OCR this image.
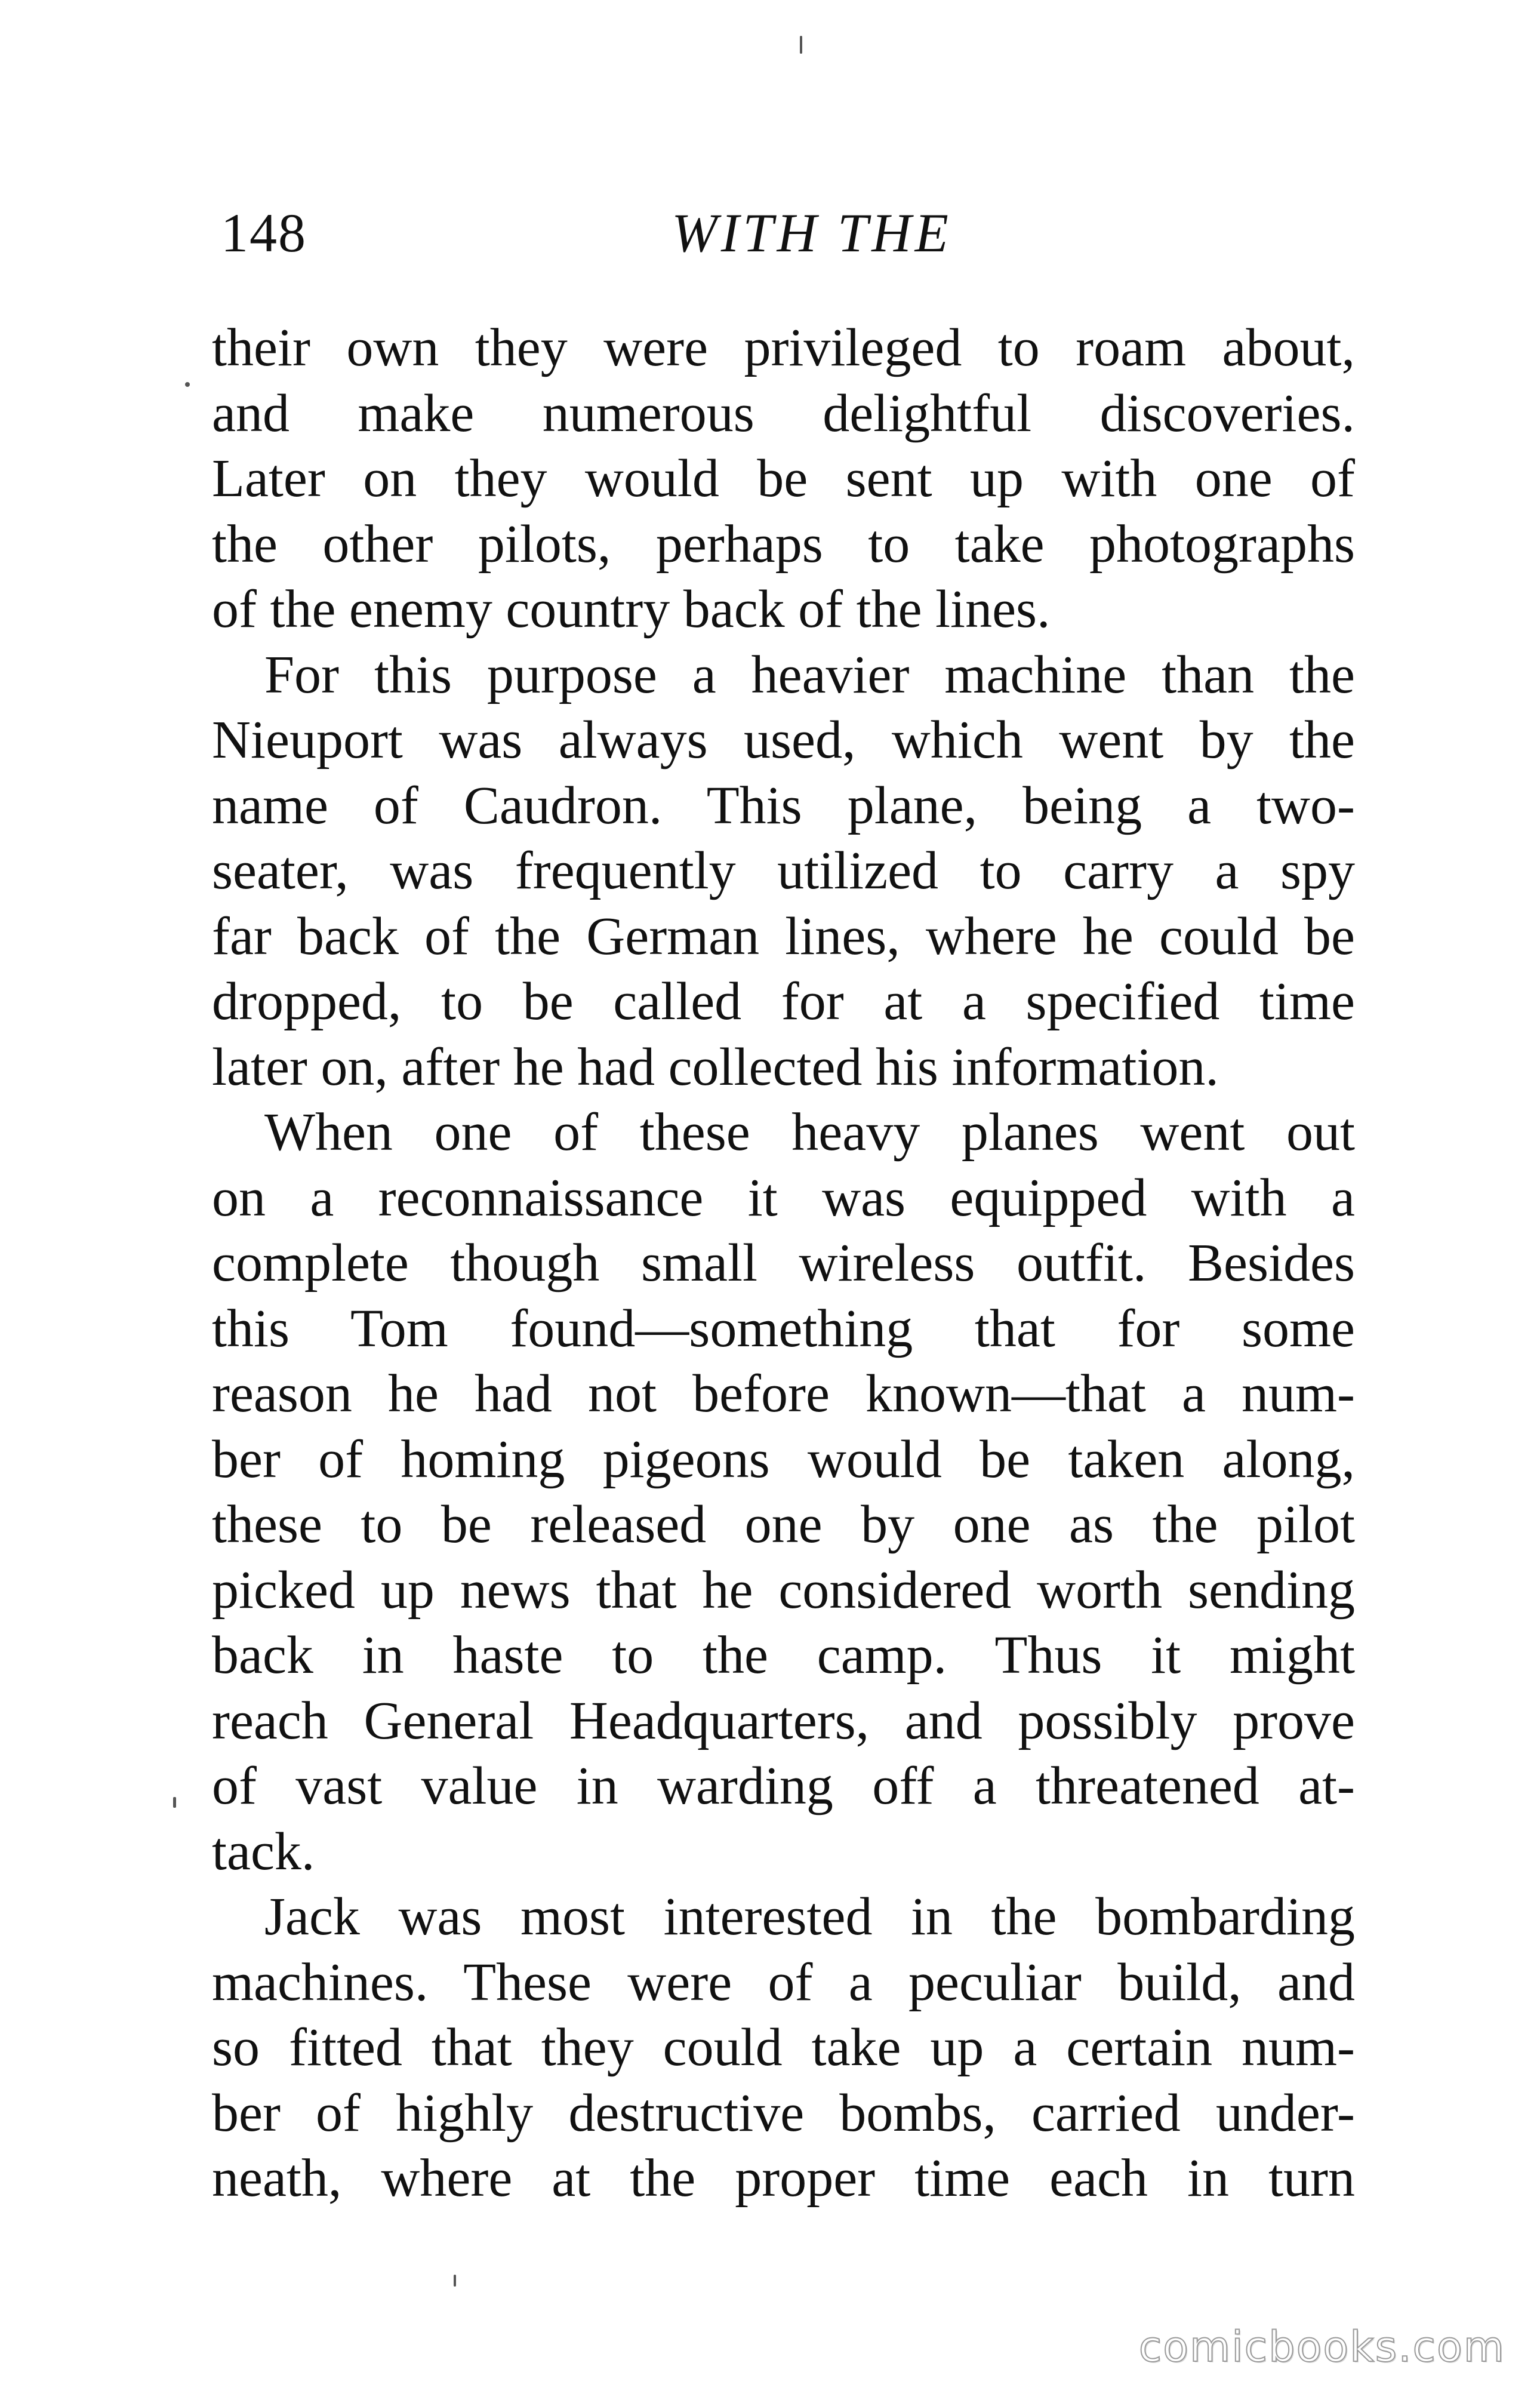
148	WITH THE
their own they were privileged to roam about,
and make numerous delightful discoveries.
Later on they would be sent up with one of
the other pilots, perhaps to take photographs
of the enemy country back of the lines.
For this purpose a heavier machine than the
Nieuport was always used, which went by the
name of Caudron. This plane, being a two-
seater, was frequently utilized to carry a spy
far back of the German lines, where he could be
dropped, to be called for at a specified time
later on, after he had collected his information.
When one of these heavy planes went out
on a reconnaissance it was equipped with a
complete though small wireless outfit. Besides
this Tom found—something that for some
reason he had not before known—that a num-
ber of homing pigeons would be taken along,
these to be released one by one as the pilot
picked up news that he considered worth sending
back in haste to the camp. Thus it might
reach General Headquarters, and possibly prove
of vast value in warding off a threatened at-
tack.
Jack was most interested in the bombarding
machines. These were of a peculiar build, and
so fitted that they could take up a certain num-
ber of highly destructive bombs, carried under-
neath, where at the proper time each in turn
comicbooks.com
